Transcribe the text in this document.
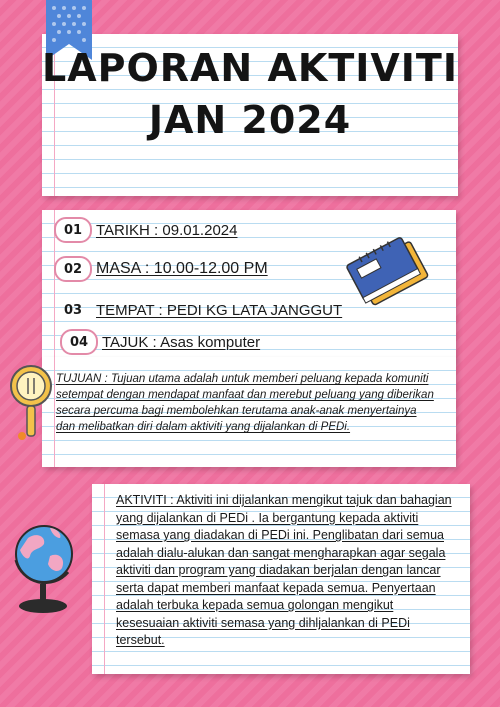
LAPORAN AKTIVITI
JAN 2024
01 TARIKH : 09.01.2024
02 MASA : 10.00-12.00 PM
03 TEMPAT : PEDI KG LATA JANGGUT
04 TAJUK : Asas komputer

TUJUAN : Tujuan utama adalah untuk memberi peluang kepada komuniti setempat dengan mendapat manfaat dan merebut peluang yang diberikan secara percuma bagi membolehkan terutama anak-anak menyertainya dan melibatkan diri dalam aktiviti yang dijalankan di PEDi.

AKTIVITI : Aktiviti ini dijalankan mengikut tajuk dan bahagian yang dijalankan di PEDi . Ia bergantung kepada aktiviti semasa yang diadakan di PEDi ini. Penglibatan dari semua adalah dialu-alukan dan sangat mengharapkan agar segala aktiviti dan program yang diadakan berjalan dengan lancar serta dapat memberi manfaat kepada semua. Penyertaan adalah terbuka kepada semua golongan mengikut kesesuaian aktiviti semasa yang dihljalankan di PEDi tersebut.
